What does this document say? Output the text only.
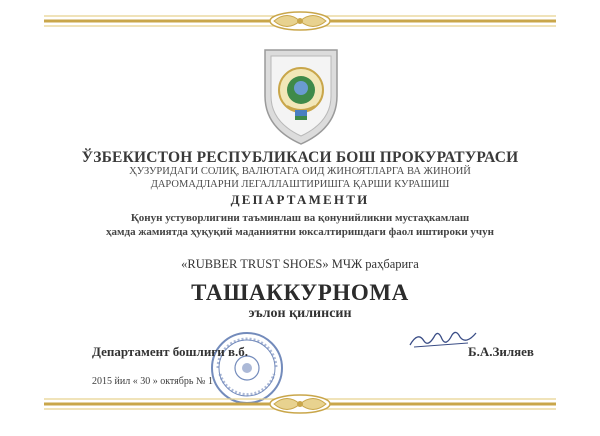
ЎЗБЕКИСТОН РЕСПУБЛИКАСИ БОШ ПРОКУРАТУРАСИ
ҲУЗУРИДАГИ СОЛИҚ, ВАЛЮТАГА ОИД ЖИНОЯТЛАРГА ВА ЖИНОИЙ
ДАРОМАДЛАРНИ ЛЕГАЛЛАШТИРИШГА ҚАРШИ КУРАШИШ
ДЕПАРТАМЕНТИ
Қонун устуворлигини таъминлаш ва қонунийликни мустаҳкамлаш
ҳамда жамиятда ҳуқуқий маданиятни юксалтиришдаги фаол иштироки учун
«RUBBER TRUST SHOES» МЧЖ раҳбарига
ТАШАККУРНОМА
эълон қилинсин
Департамент бошлиғи в.б.	Б.А.Зиляев
2015 йил « 30 » октябрь № 1
